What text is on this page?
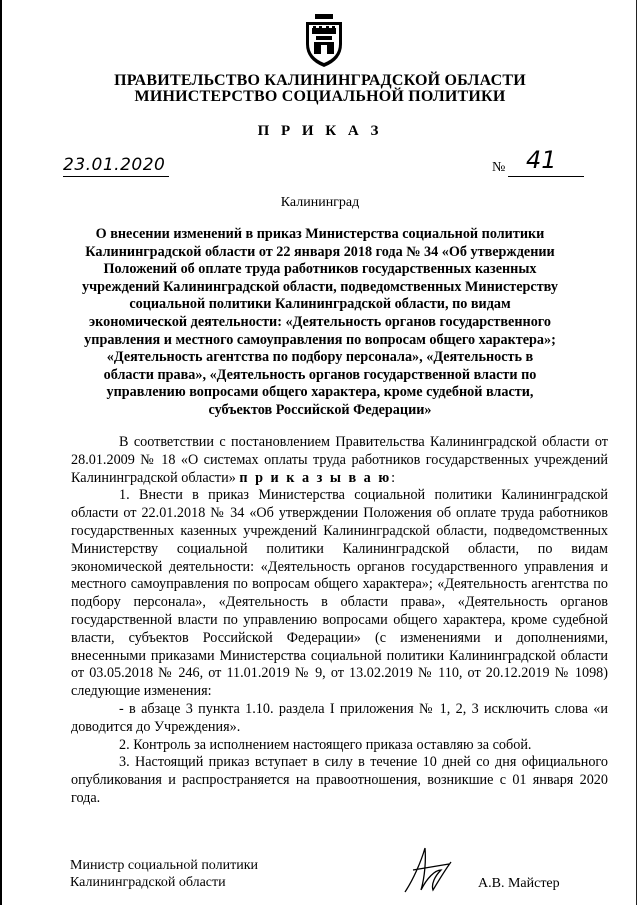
ПРАВИТЕЛЬСТВО КАЛИНИНГРАДСКОЙ ОБЛАСТИ
МИНИСТЕРСТВО СОЦИАЛЬНОЙ ПОЛИТИКИ
П Р И К А З
23.01.2020	№ 41
Калининград
О внесении изменений в приказ Министерства социальной политики Калининградской области от 22 января 2018 года № 34 «Об утверждении Положений об оплате труда работников государственных казенных учреждений Калининградской области, подведомственных Министерству социальной политики Калининградской области, по видам экономической деятельности: «Деятельность органов государственного управления и местного самоуправления по вопросам общего характера»; «Деятельность агентства по подбору персонала», «Деятельность в области права», «Деятельность органов государственной власти по управлению вопросами общего характера, кроме судебной власти, субъектов Российской Федерации»

В соответствии с постановлением Правительства Калининградской области от 28.01.2009 № 18 «О системах оплаты труда работников государственных учреждений Калининградской области» п р и к а з ы в а ю:

1. Внести в приказ Министерства социальной политики Калининградской области от 22.01.2018 № 34 «Об утверждении Положения об оплате труда работников государственных казенных учреждений Калининградской области, подведомственных Министерству социальной политики Калининградской области, по видам экономической деятельности: «Деятельность органов государственного управления и местного самоуправления по вопросам общего характера»; «Деятельность агентства по подбору персонала», «Деятельность в области права», «Деятельность органов государственной власти по управлению вопросами общего характера, кроме судебной власти, субъектов Российской Федерации» (с изменениями и дополнениями, внесенными приказами Министерства социальной политики Калининградской области от 03.05.2018 № 246, от 11.01.2019 № 9, от 13.02.2019 № 110, от 20.12.2019 № 1098) следующие изменения:

- в абзаце 3 пункта 1.10. раздела I приложения № 1, 2, 3 исключить слова «и доводится до Учреждения».

2. Контроль за исполнением настоящего приказа оставляю за собой.

3. Настоящий приказ вступает в силу в течение 10 дней со дня официального опубликования и распространяется на правоотношения, возникшие с 01 января 2020 года.

Министр социальной политики
Калининградской области	А.В. Майстер
